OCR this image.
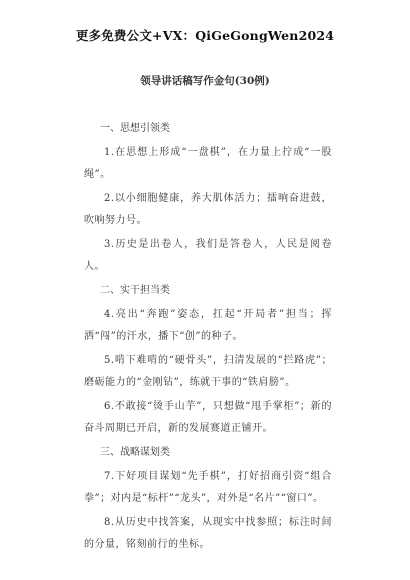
更多免费公文+VX：QiGeGongWen2024
领导讲话稿写作金句(30例)
一、思想引领类

1.在思想上形成“一盘棋”，在力量上拧成“一股绳”。

2.以小细胞健康，养大肌体活力；擂响奋进鼓，吹响努力号。

3.历史是出卷人，我们是答卷人，人民是阅卷人。

二、实干担当类

4.亮出“奔跑”姿态，扛起“开局者”担当；挥洒“闯”的汗水，播下“创”的种子。

5.啃下难啃的“硬骨头”，扫清发展的“拦路虎”；磨砺能力的“金刚钻”，练就干事的“铁肩膀”。

6.不敢接“烫手山芋”，只想做“甩手掌柜”；新的奋斗周期已开启，新的发展赛道正铺开。

三、战略谋划类

7.下好项目谋划“先手棋”，打好招商引资“组合拳”；对内是“标杆”“龙头”，对外是“名片”“窗口”。

8.从历史中找答案，从现实中找参照；标注时间的分量，铭刻前行的坐标。
